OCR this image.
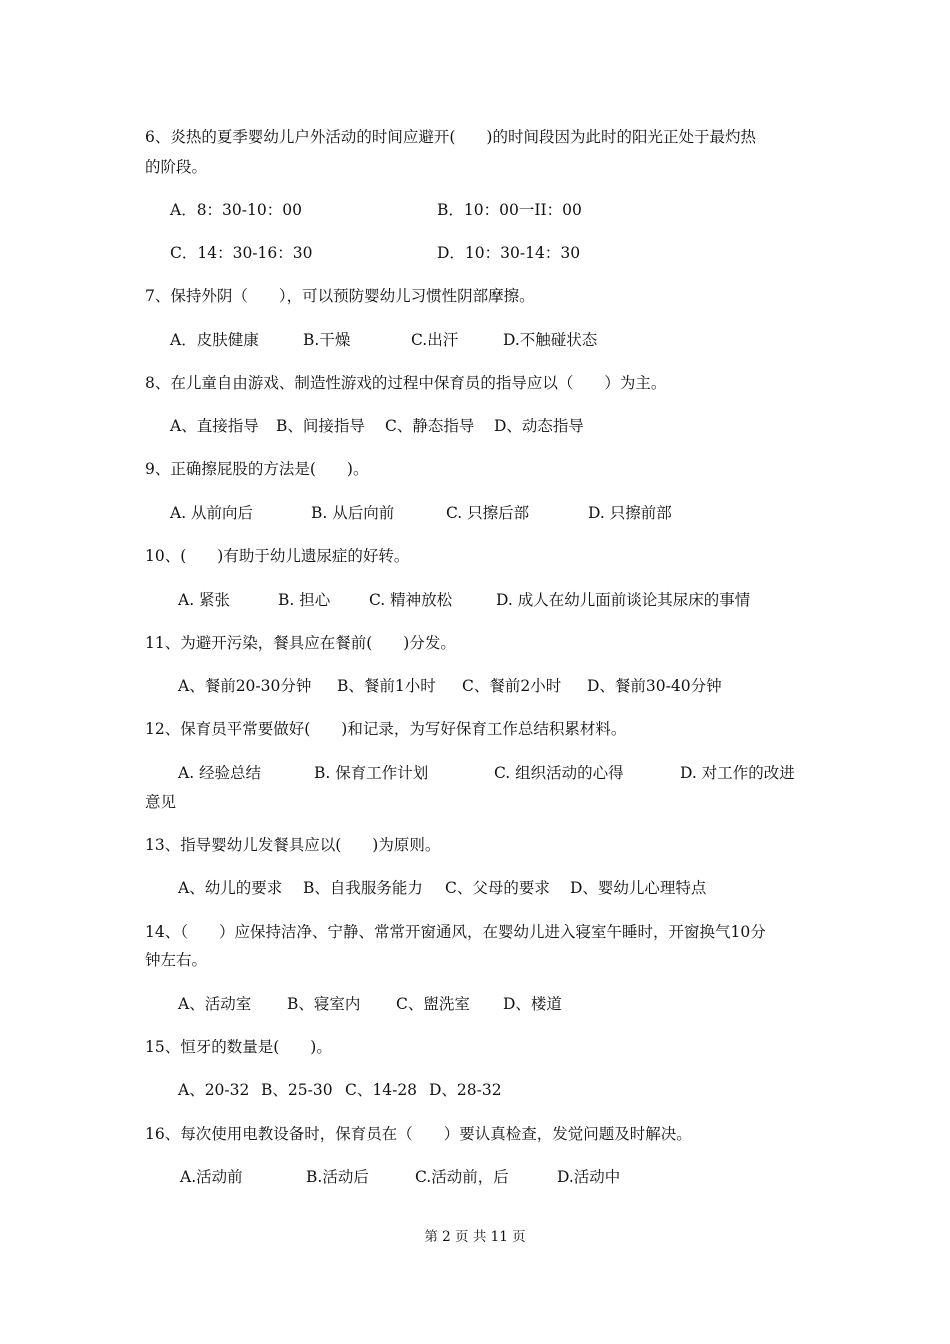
6、炎热的夏季婴幼儿户外活动的时间应避开(　　)的时间段因为此时的阳光正处于最灼热
的阶段。
A．8：30-10：00	B．10：00一II：00
C．14：30-16：30	D．10：30-14：30
7、保持外阴（　　），可以预防婴幼儿习惯性阴部摩擦。
A．皮肤健康	B.干燥	C.出汗	D.不触碰状态
8、在儿童自由游戏、制造性游戏的过程中保育员的指导应以（　　）为主。
A、直接指导 B、间接指导 C、静态指导 D、动态指导
9、正确擦屁股的方法是(　　)。
A. 从前向后	B. 从后向前	C. 只擦后部	D. 只擦前部
10、(　　)有助于幼儿遗尿症的好转。
A. 紧张	B. 担心	C. 精神放松	D. 成人在幼儿面前谈论其尿床的事情
11、为避开污染，餐具应在餐前(　　)分发。
A、餐前20-30分钟 B、餐前1小时 C、餐前2小时 D、餐前30-40分钟
12、保育员平常要做好(　　)和记录，为写好保育工作总结积累材料。
A. 经验总结	B. 保育工作计划	C. 组织活动的心得	D. 对工作的改进
意见
13、指导婴幼儿发餐具应以(　　)为原则。
A、幼儿的要求 B、自我服务能力 C、父母的要求 D、婴幼儿心理特点
14、（　　）应保持洁净、宁静、常常开窗通风，在婴幼儿进入寝室午睡时，开窗换气10分
钟左右。
A、活动室 B、寝室内 C、盥洗室 D、楼道
15、恒牙的数量是(　　)。
A、20-32 B、25-30 C、14-28 D、28-32
16、每次使用电教设备时，保育员在（　　）要认真检查，发觉问题及时解决。
A.活动前	B.活动后	C.活动前，后	D.活动中
第 2 页 共 11 页
